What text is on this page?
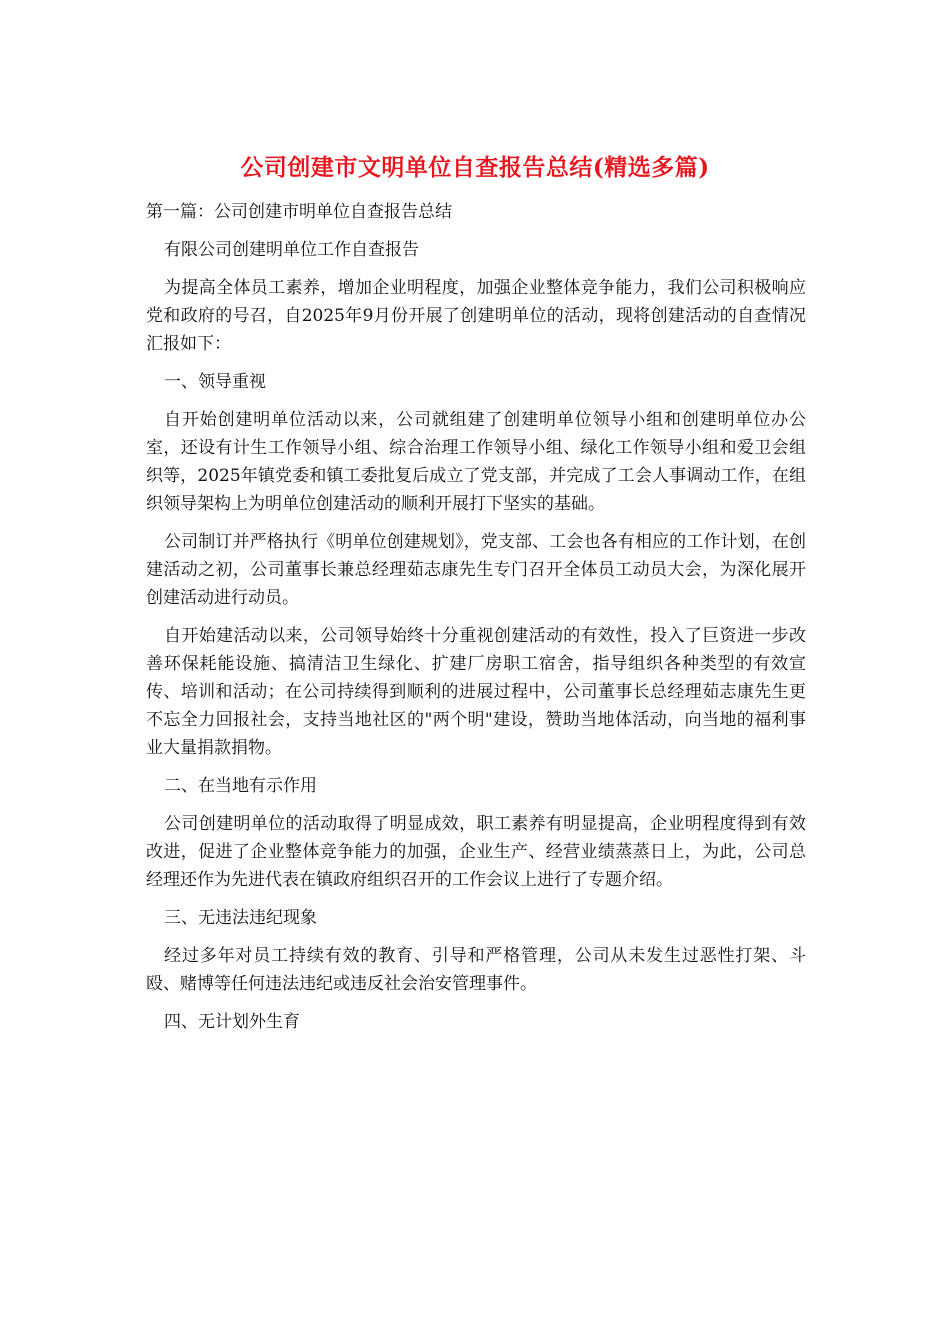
公司创建市文明单位自查报告总结(精选多篇)

第一篇：公司创建市明单位自查报告总结

有限公司创建明单位工作自查报告

为提高全体员工素养，增加企业明程度，加强企业整体竞争能力，我们公司积极响应党和政府的号召，自2025年9月份开展了创建明单位的活动，现将创建活动的自查情况汇报如下：

一、领导重视

自开始创建明单位活动以来，公司就组建了创建明单位领导小组和创建明单位办公室，还设有计生工作领导小组、综合治理工作领导小组、绿化工作领导小组和爱卫会组织等，2025年镇党委和镇工委批复后成立了党支部，并完成了工会人事调动工作，在组织领导架构上为明单位创建活动的顺利开展打下坚实的基础。

公司制订并严格执行《明单位创建规划》，党支部、工会也各有相应的工作计划，在创建活动之初，公司董事长兼总经理茹志康先生专门召开全体员工动员大会，为深化展开创建活动进行动员。

自开始建活动以来，公司领导始终十分重视创建活动的有效性，投入了巨资进一步改善环保耗能设施、搞清洁卫生绿化、扩建厂房职工宿舍，指导组织各种类型的有效宣传、培训和活动；在公司持续得到顺利的进展过程中，公司董事长总经理茹志康先生更不忘全力回报社会，支持当地社区的"两个明"建设，赞助当地体活动，向当地的福利事业大量捐款捐物。

二、在当地有示作用

公司创建明单位的活动取得了明显成效，职工素养有明显提高，企业明程度得到有效改进，促进了企业整体竞争能力的加强，企业生产、经营业绩蒸蒸日上，为此，公司总经理还作为先进代表在镇政府组织召开的工作会议上进行了专题介绍。

三、无违法违纪现象

经过多年对员工持续有效的教育、引导和严格管理，公司从未发生过恶性打架、斗殴、赌博等任何违法违纪或违反社会治安管理事件。

四、无计划外生育
